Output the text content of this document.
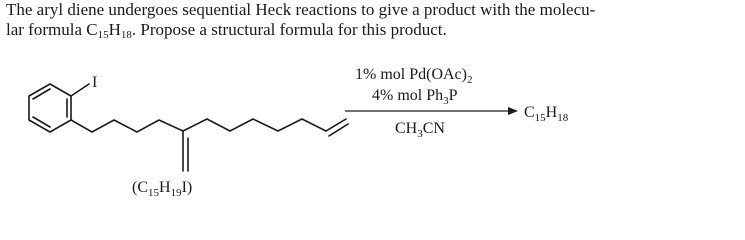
The aryl diene undergoes sequential Heck reactions to give a product with the molecu-
lar formula $C_{15}H_{18}$. Propose a structural formula for this product.

I
$(C_{15}H_{19}I)$
1% mol $Pd(OAc)_2$
4% mol $Ph_3P$
$CH_3CN$
$C_{15}H_{18}$
